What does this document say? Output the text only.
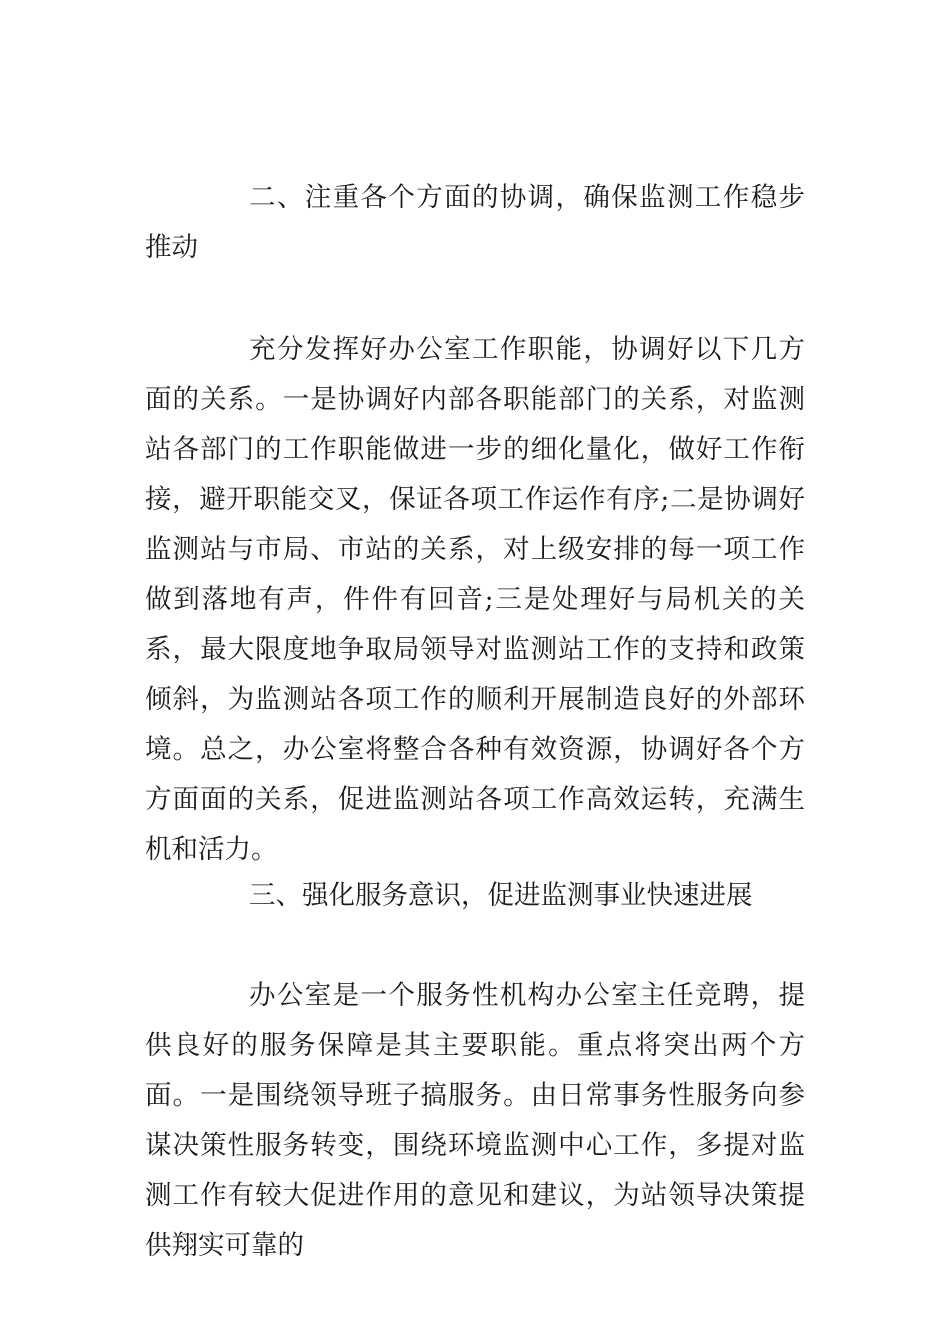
二、注重各个方面的协调，确保监测工作稳步推动

充分发挥好办公室工作职能，协调好以下几方面的关系。一是协调好内部各职能部门的关系，对监测站各部门的工作职能做进一步的细化量化，做好工作衔接，避开职能交叉，保证各项工作运作有序;二是协调好监测站与市局、市站的关系，对上级安排的每一项工作做到落地有声，件件有回音;三是处理好与局机关的关系，最大限度地争取局领导对监测站工作的支持和政策倾斜，为监测站各项工作的顺利开展制造良好的外部环境。总之，办公室将整合各种有效资源，协调好各个方方面面的关系，促进监测站各项工作高效运转，充满生机和活力。

三、强化服务意识，促进监测事业快速进展

办公室是一个服务性机构办公室主任竞聘，提供良好的服务保障是其主要职能。重点将突出两个方面。一是围绕领导班子搞服务。由日常事务性服务向参谋决策性服务转变，围绕环境监测中心工作，多提对监测工作有较大促进作用的意见和建议，为站领导决策提供翔实可靠的
